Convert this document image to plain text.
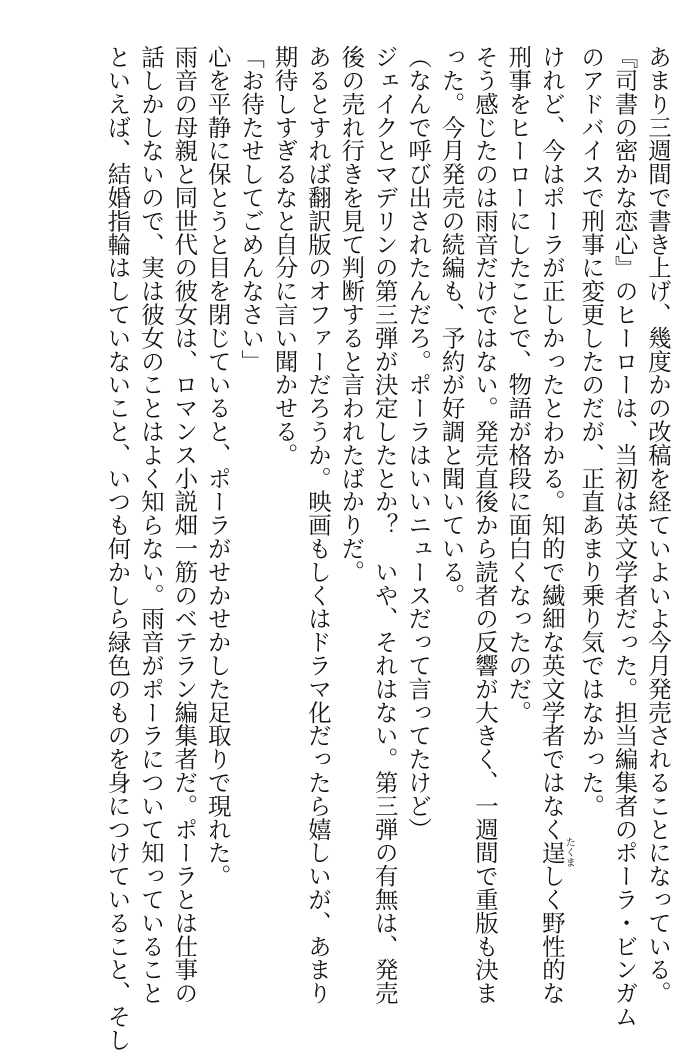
あまり三週間で書き上げ、幾度かの改稿を経ていよいよ今月発売されることになっている。
『司書の密かな恋心』のヒーローは、当初は英文学者だった。担当編集者のポーラ・ビンガム
のアドバイスで刑事に変更したのだが、正直あまり乗り気ではなかった。
けれど、今はポーラが正しかったとわかる。知的で繊細な英文学者ではなく逞たくましく野性的な
刑事をヒーローにしたことで、物語が格段に面白くなったのだ。
そう感じたのは雨音だけではない。発売直後から読者の反響が大きく、一週間で重版も決ま
った。今月発売の続編も、予約が好調と聞いている。
（なんで呼び出されたんだろ。ポーラはいいニュースだって言ってたけど）
ジェイクとマデリンの第三弾が決定したとか？　いや、それはない。第三弾の有無は、発売
後の売れ行きを見て判断すると言われたばかりだ。
あるとすれば翻訳版のオファーだろうか。映画もしくはドラマ化だったら嬉しいが、あまり
期待しすぎるなと自分に言い聞かせる。
「お待たせしてごめんなさい」
心を平静に保とうと目を閉じていると、ポーラがせかせかした足取りで現れた。
雨音の母親と同世代の彼女は、ロマンス小説畑一筋のベテラン編集者だ。ポーラとは仕事の
話しかしないので、実は彼女のことはよく知らない。雨音がポーラについて知っていること
といえば、結婚指輪はしていないこと、いつも何かしら緑色のものを身につけていること、そし
